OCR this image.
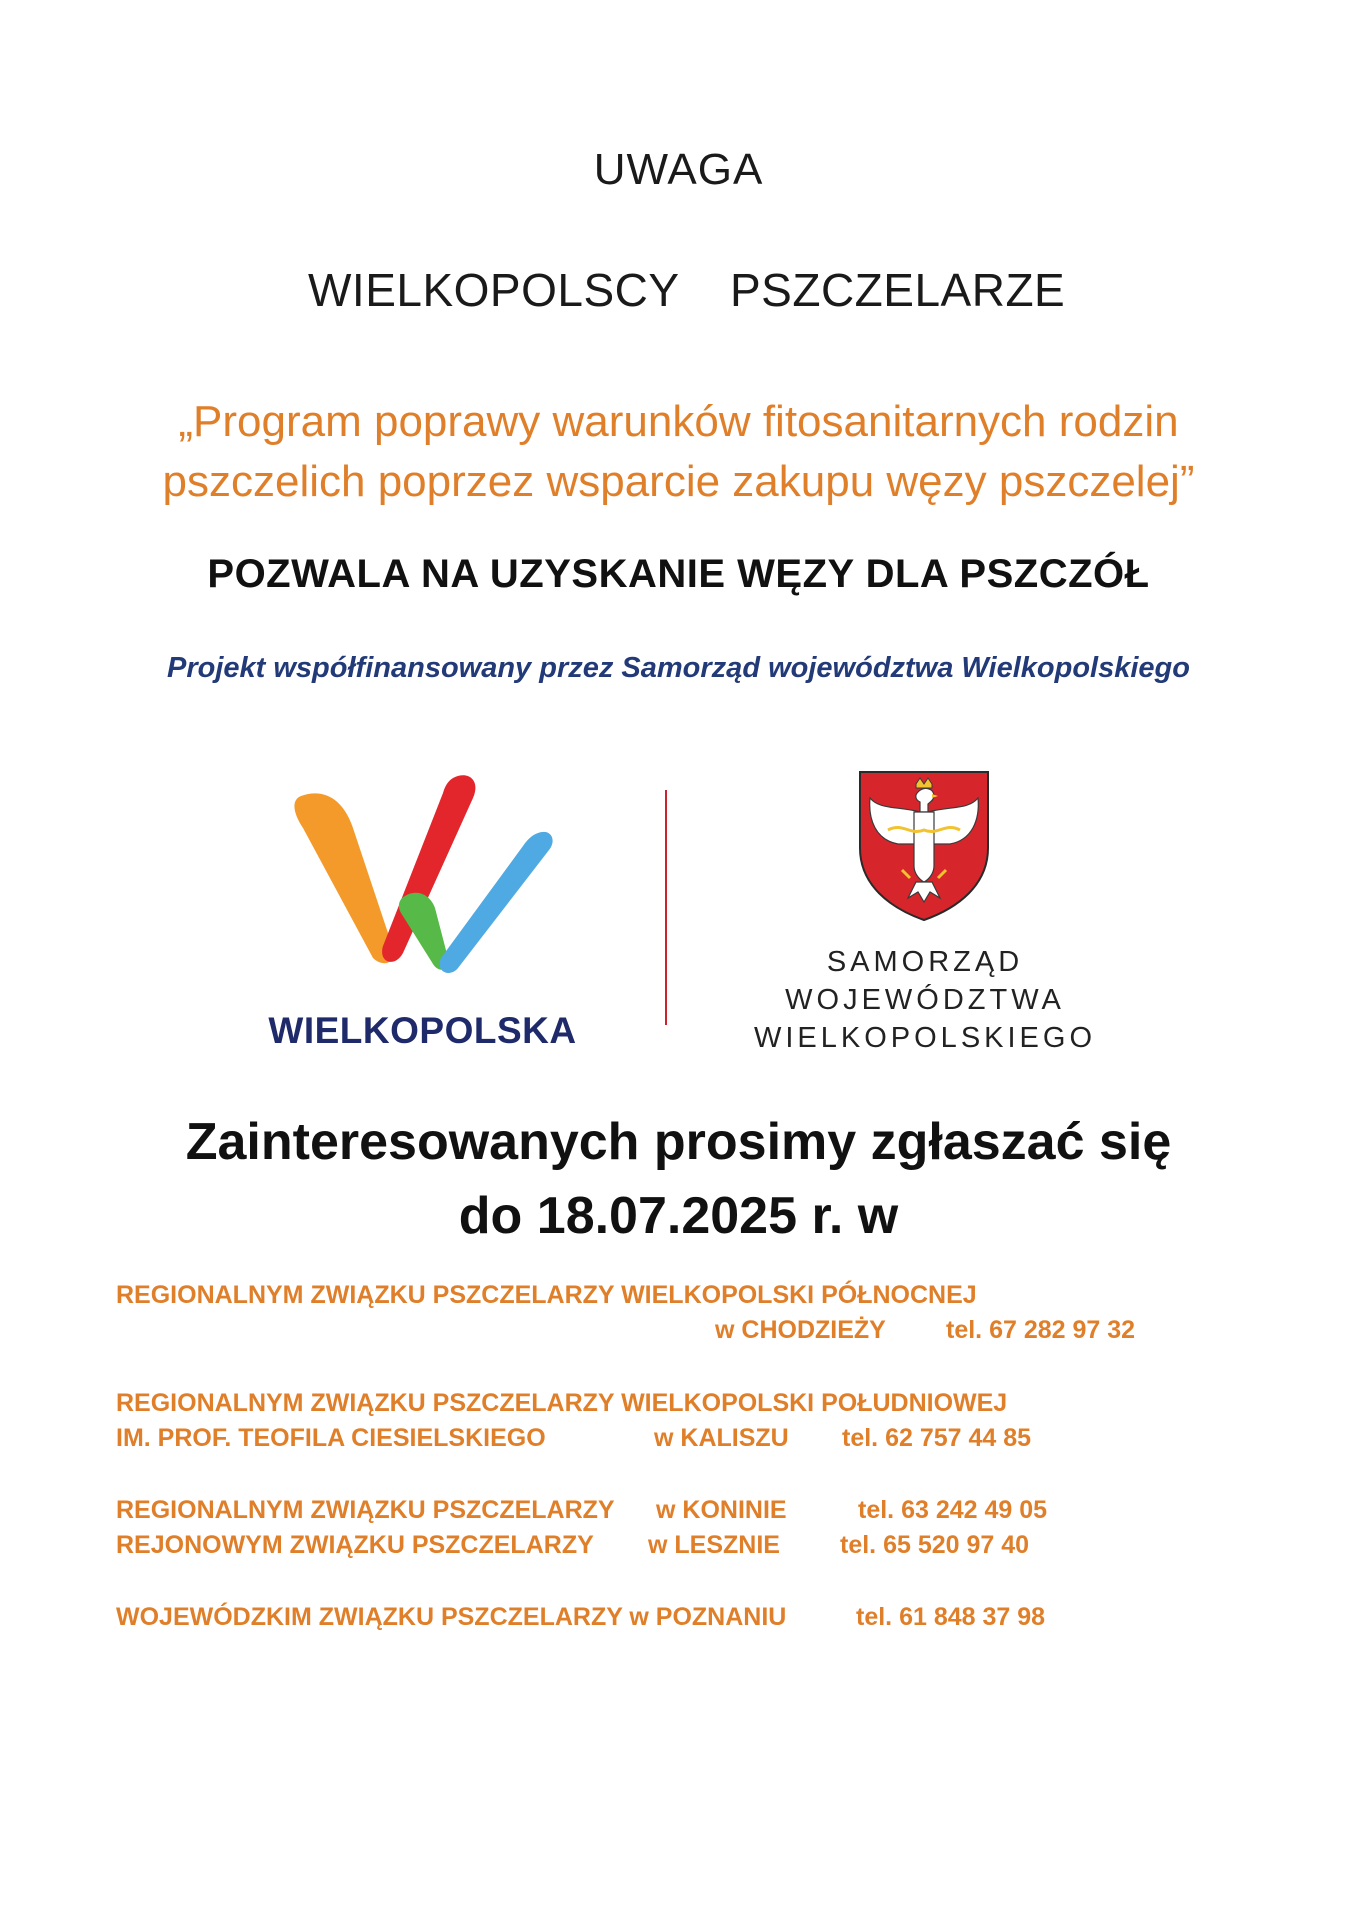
UWAGA
WIELKOPOLSCY PSZCZELARZE
„Program poprawy warunków fitosanitarnych rodzin
pszczelich poprzez wsparcie zakupu węzy pszczelej”
POZWALA NA UZYSKANIE WĘZY DLA PSZCZÓŁ
Projekt współfinansowany przez Samorząd województwa Wielkopolskiego
WIELKOPOLSKA
SAMORZĄD
WOJEWÓDZTWA
WIELKOPOLSKIEGO
Zainteresowanych prosimy zgłaszać się
do 18.07.2025 r. w
REGIONALNYM ZWIĄZKU PSZCZELARZY WIELKOPOLSKI PÓŁNOCNEJ
w CHODZIEŻY tel. 67 282 97 32
REGIONALNYM ZWIĄZKU PSZCZELARZY WIELKOPOLSKI POŁUDNIOWEJ
IM. PROF. TEOFILA CIESIELSKIEGO	w KALISZU tel. 62 757 44 85
REGIONALNYM ZWIĄZKU PSZCZELARZY w KONINIE	tel. 63 242 49 05
REJONOWYM ZWIĄZKU PSZCZELARZY w LESZNIE tel. 65 520 97 40
WOJEWÓDZKIM ZWIĄZKU PSZCZELARZY w POZNANIU	tel. 61 848 37 98
